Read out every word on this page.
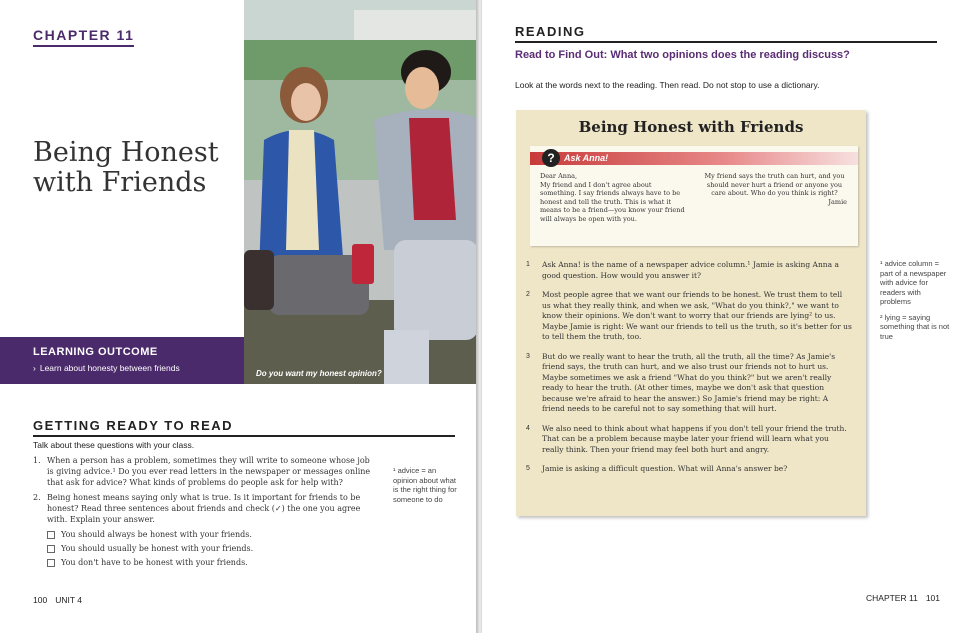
CHAPTER 11
Being Honest with Friends
Do you want my honest opinion?
LEARNING OUTCOME
› Learn about honesty between friends
GETTING READY TO READ
Talk about these questions with your class.
1. When a person has a problem, sometimes they will write to someone whose job is giving advice.¹ Do you ever read letters in the newspaper or messages online that ask for advice? What kinds of problems do people ask for help with?
2. Being honest means saying only what is true. Is it important for friends to be honest? Read three sentences about friends and check (✓) the one you agree with. Explain your answer.
You should always be honest with your friends.
You should usually be honest with your friends.
You don't have to be honest with your friends.
¹ advice = an opinion about what is the right thing for someone to do
100 UNIT 4
READING
Read to Find Out: What two opinions does the reading discuss?
Look at the words next to the reading. Then read. Do not stop to use a dictionary.
Being Honest with Friends
?	Ask Anna!
Dear Anna,
My friend and I don't agree about something. I say friends always have to be honest and tell the truth. This is what it means to be a friend—you know your friend will always be open with you.
My friend says the truth can hurt, and you should never hurt a friend or anyone you care about. Who do you think is right?
Jamie
1	Ask Anna! is the name of a newspaper advice column.¹ Jamie is asking Anna a good question. How would you answer it?
2	Most people agree that we want our friends to be honest. We trust them to tell us what they really think, and when we ask, "What do you think?," we want to know their opinions. We don't want to worry that our friends are lying² to us. Maybe Jamie is right: We want our friends to tell us the truth, so it's better for us to tell them the truth, too.
3	But do we really want to hear the truth, all the truth, all the time? As Jamie's friend says, the truth can hurt, and we also trust our friends not to hurt us. Maybe sometimes we ask a friend "What do you think?" but we aren't really ready to hear the truth. (At other times, maybe we don't ask that question because we're afraid to hear the answer.) So Jamie's friend may be right: A friend needs to be careful not to say something that will hurt.
4	We also need to think about what happens if you don't tell your friend the truth. That can be a problem because maybe later your friend will learn what you really think. Then your friend may feel both hurt and angry.
5	Jamie is asking a difficult question. What will Anna's answer be?

¹ advice column = part of a newspaper with advice for readers with problems

² lying = saying something that is not true

CHAPTER 11 101
